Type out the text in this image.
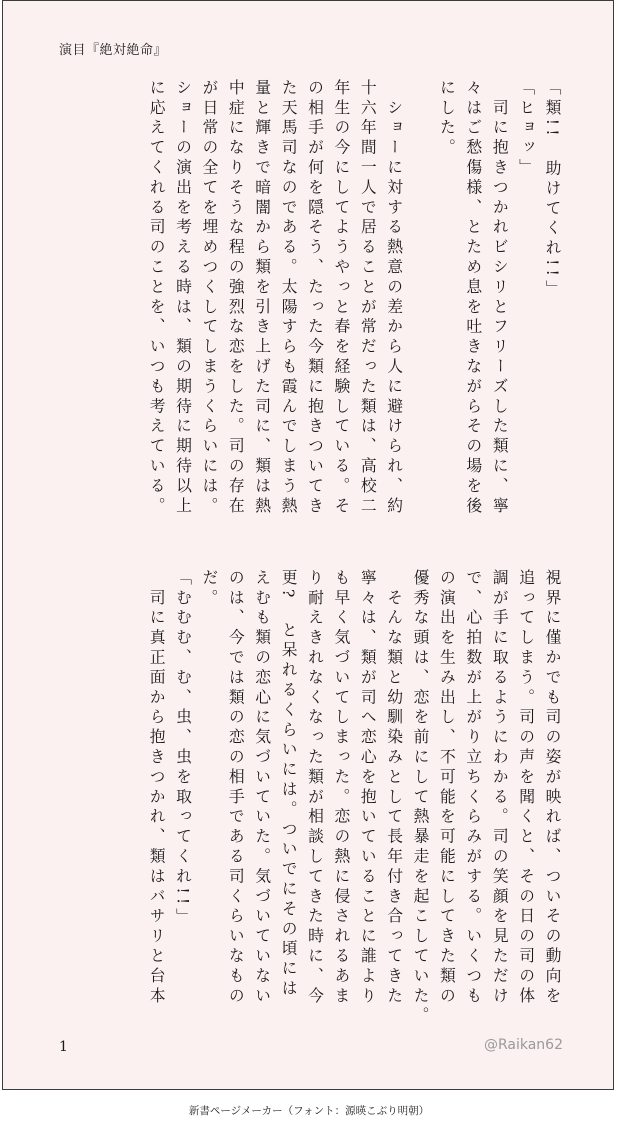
演目『絶対絶命』
「類!!　助けてくれ!!」
「ヒョッ」
　司に抱きつかれビシリとフリーズした類に、寧
々はご愁傷様、とため息を吐きながらその場を後
にした。

　ショーに対する熱意の差から人に避けられ、約
十六年間一人で居ることが常だった類は、高校二
年生の今にしてようやっと春を経験している。そ
の相手が何を隠そう、たった今類に抱きついてき
た天馬司なのである。太陽すらも霞んでしまう熱
量と輝きで暗闇から類を引き上げた司に、類は熱
中症になりそうな程の強烈な恋をした。司の存在
が日常の全てを埋めつくしてしまうくらいには。
ショーの演出を考える時は、類の期待に期待以上
に応えてくれる司のことを、いつも考えている。
視界に僅かでも司の姿が映れば、ついその動向を
追ってしまう。司の声を聞くと、その日の司の体
調が手に取るようにわかる。司の笑顔を見ただけ
で、心拍数が上がり立ちくらみがする。いくつも
の演出を生み出し、不可能を可能にしてきた類の
優秀な頭は、恋を前にして熱暴走を起こしていた。
　そんな類と幼馴染みとして長年付き合ってきた
寧々は、類が司へ恋心を抱いていることに誰より
も早く気づいてしまった。恋の熱に侵されるあま
り耐えきれなくなった類が相談してきた時に、今
更?　と呆れるくらいには。ついでにその頃には
えむも類の恋心に気づいていた。気づいていない
のは、今では類の恋の相手である司くらいなもの
だ。
「むむむ、む、虫、虫を取ってくれ!!」
　司に真正面から抱きつかれ、類はバサリと台本
1	@Raikan62
新書ページメーカー（フォント：源暎こぶり明朝）
